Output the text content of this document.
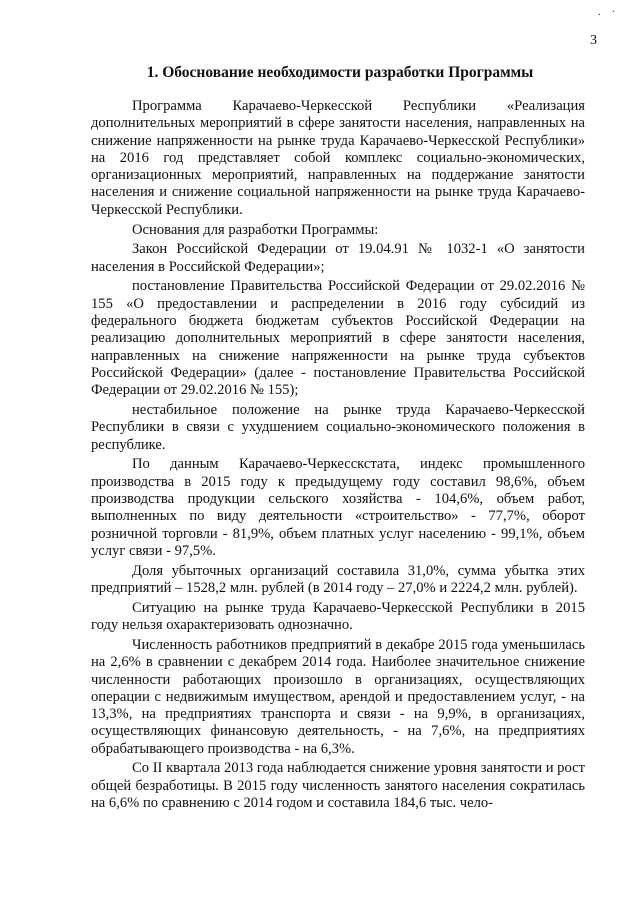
. ·
3
1. Обоснование необходимости разработки Программы

Программа Карачаево-Черкесской Республики «Реализация дополнительных мероприятий в сфере занятости населения, направленных на снижение напряженности на рынке труда Карачаево-Черкесской Республики» на 2016 год представляет собой комплекс социально-экономических, организационных мероприятий, направленных на поддержание занятости населения и снижение социальной напряженности на рынке труда Карачаево-Черкесской Республики.

Основания для разработки Программы:

Закон Российской Федерации от 19.04.91 № 1032-1 «О занятости населения в Российской Федерации»;

постановление Правительства Российской Федерации от 29.02.2016 № 155 «О предоставлении и распределении в 2016 году субсидий из федерального бюджета бюджетам субъектов Российской Федерации на реализацию дополнительных мероприятий в сфере занятости населения, направленных на снижение напряженности на рынке труда субъектов Российской Федерации» (далее - постановление Правительства Российской Федерации от 29.02.2016 № 155);

нестабильное положение на рынке труда Карачаево-Черкесской Республики в связи с ухудшением социально-экономического положения в республике.

По данным Карачаево-Черкесскстата, индекс промышленного производства в 2015 году к предыдущему году составил 98,6%, объем производства продукции сельского хозяйства - 104,6%, объем работ, выполненных по виду деятельности «строительство» - 77,7%, оборот розничной торговли - 81,9%, объем платных услуг населению - 99,1%, объем услуг связи - 97,5%.

Доля убыточных организаций составила 31,0%, сумма убытка этих предприятий – 1528,2 млн. рублей (в 2014 году – 27,0% и 2224,2 млн. рублей).

Ситуацию на рынке труда Карачаево-Черкесской Республики в 2015 году нельзя охарактеризовать однозначно.

Численность работников предприятий в декабре 2015 года уменьшилась на 2,6% в сравнении с декабрем 2014 года. Наиболее значительное снижение численности работающих произошло в организациях, осуществляющих операции с недвижимым имуществом, арендой и предоставлением услуг, - на 13,3%, на предприятиях транспорта и связи - на 9,9%, в организациях, осуществляющих финансовую деятельность, - на 7,6%, на предприятиях обрабатывающего производства - на 6,3%.

Со II квартала 2013 года наблюдается снижение уровня занятости и рост общей безработицы. В 2015 году численность занятого населения сократилась на 6,6% по сравнению с 2014 годом и составила 184,6 тыс. чело-
